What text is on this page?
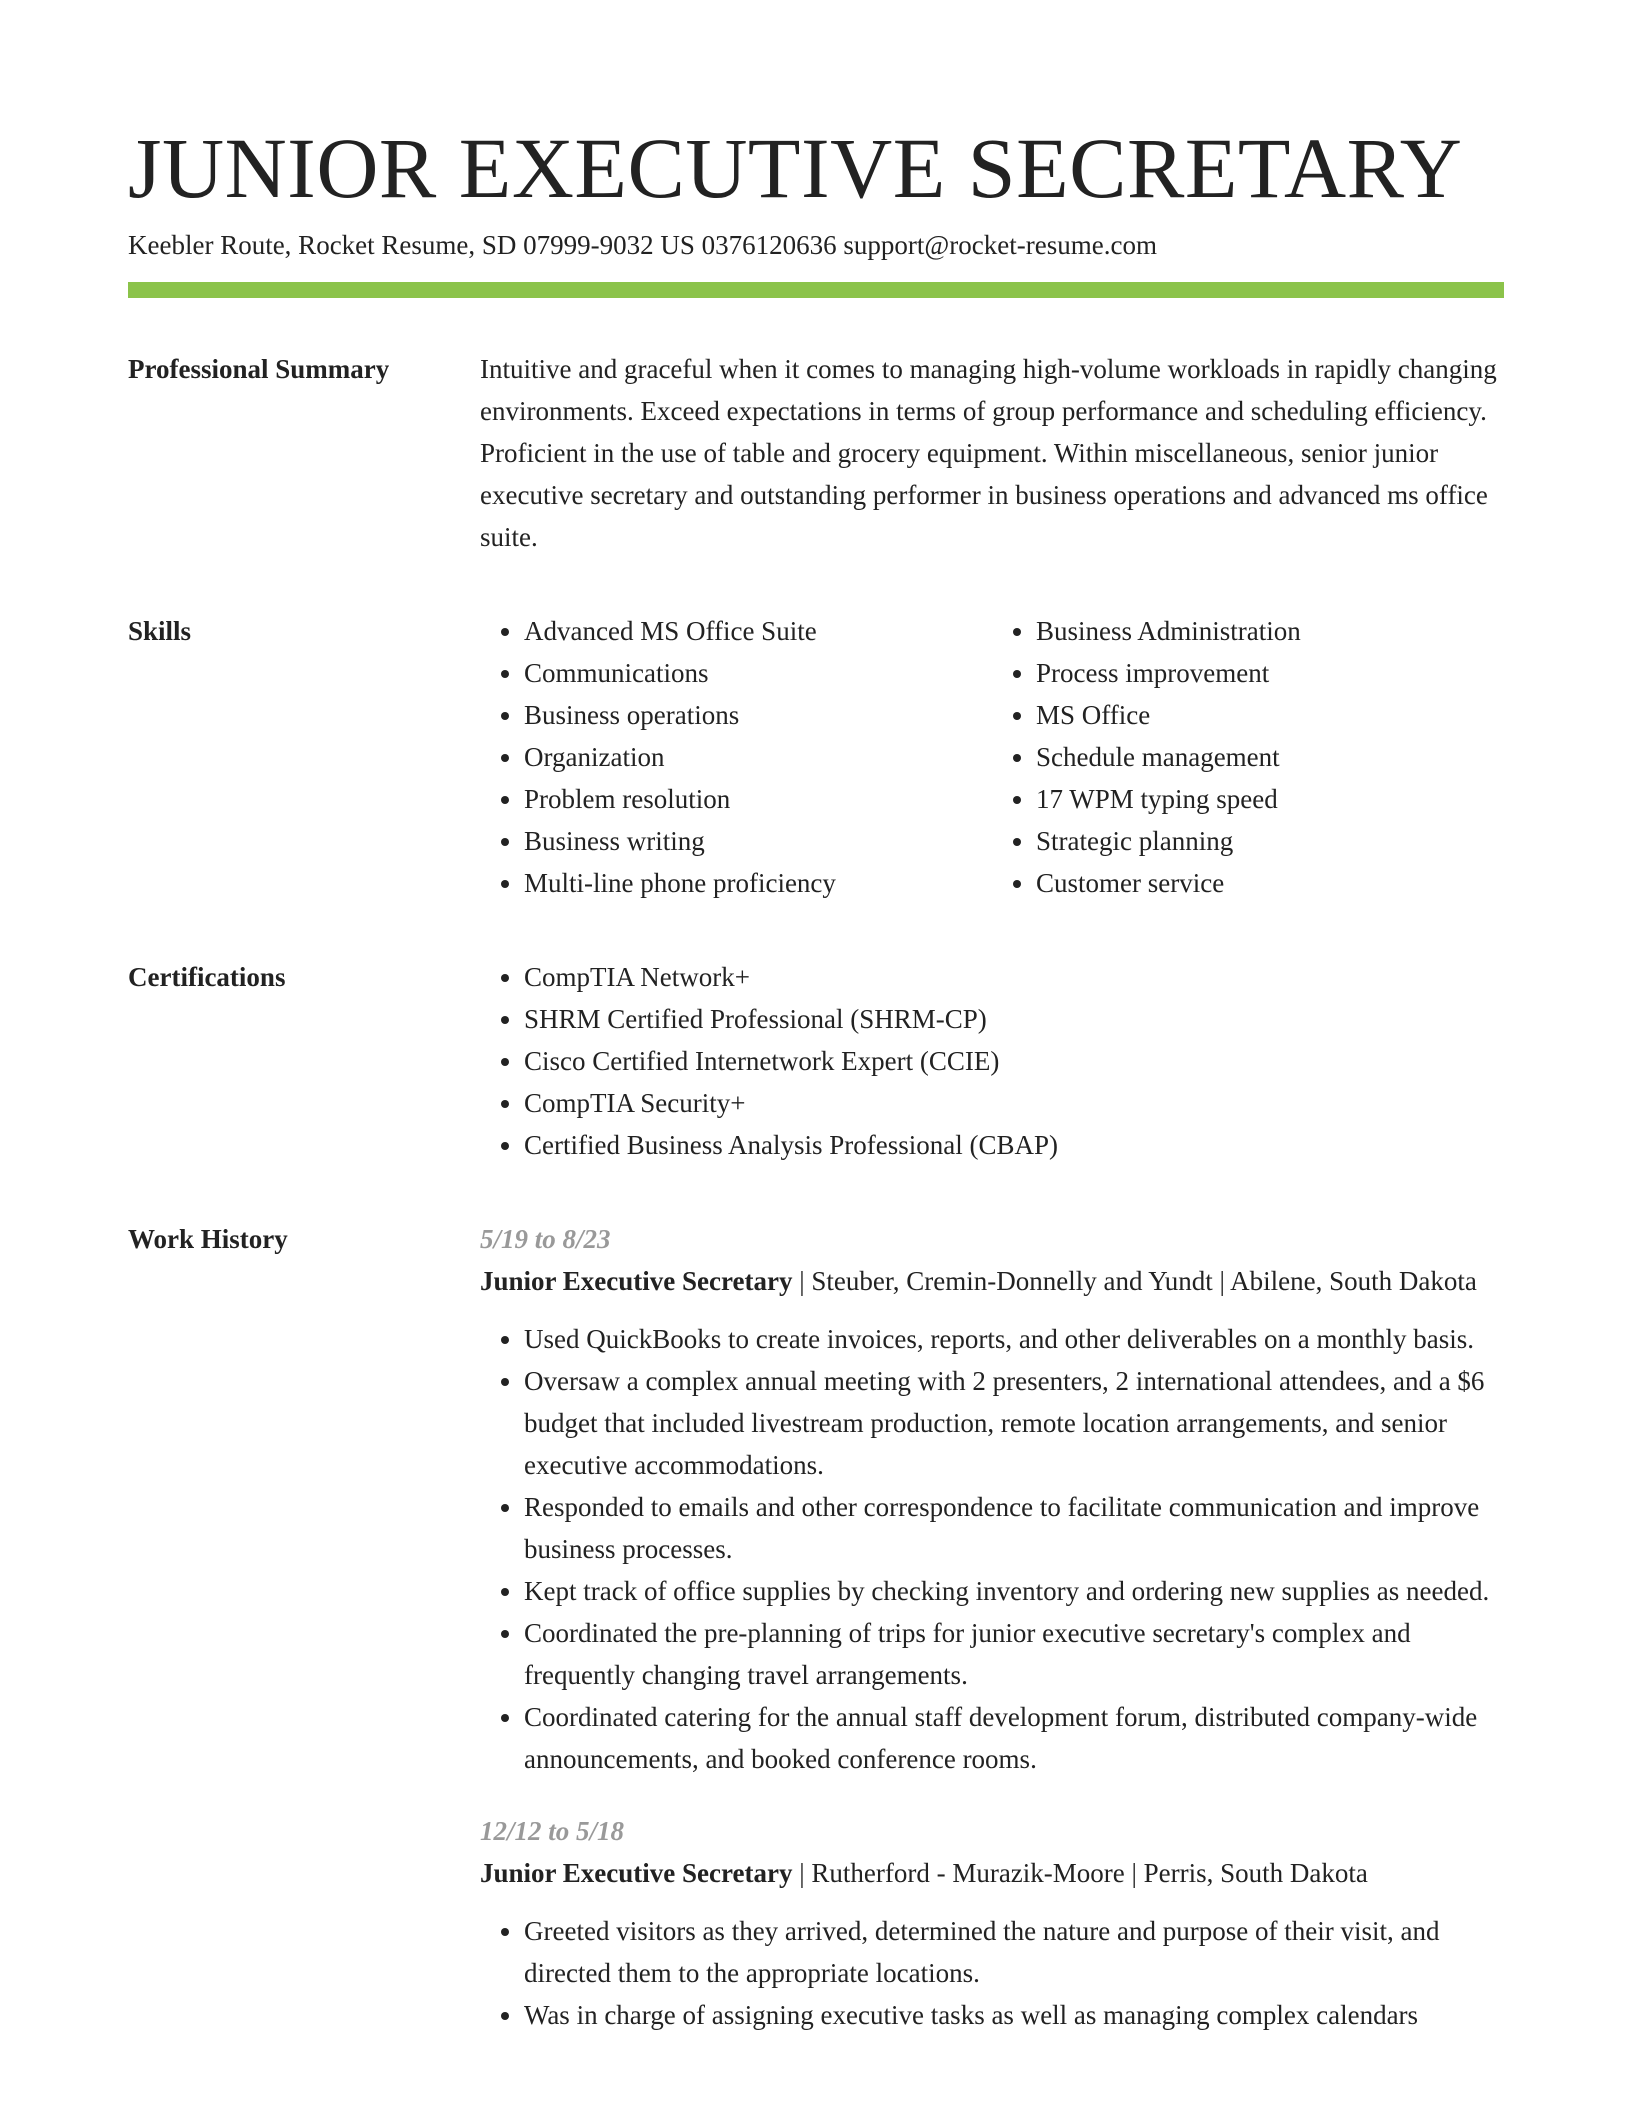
JUNIOR EXECUTIVE SECRETARY
Keebler Route, Rocket Resume, SD 07999-9032 US 0376120636 support@rocket-resume.com
Professional Summary	Intuitive and graceful when it comes to managing high-volume workloads in rapidly changing environments. Exceed expectations in terms of group performance and scheduling efficiency. Proficient in the use of table and grocery equipment. Within miscellaneous, senior junior executive secretary and outstanding performer in business operations and advanced ms office suite.

Skills	• Advanced MS Office Suite
• Communications
• Business operations
• Organization
• Problem resolution
• Business writing
• Multi-line phone proficiency
• Business Administration
• Process improvement
• MS Office
• Schedule management
• 17 WPM typing speed
• Strategic planning
• Customer service
Certifications	• CompTIA Network+
• SHRM Certified Professional (SHRM-CP)
• Cisco Certified Internetwork Expert (CCIE)
• CompTIA Security+
• Certified Business Analysis Professional (CBAP)
Work History	5/19 to 8/23
Junior Executive Secretary | Steuber, Cremin-Donnelly and Yundt | Abilene, South Dakota
• Used QuickBooks to create invoices, reports, and other deliverables on a monthly basis.
• Oversaw a complex annual meeting with 2 presenters, 2 international attendees, and a $6 budget that included livestream production, remote location arrangements, and senior executive accommodations.
• Responded to emails and other correspondence to facilitate communication and improve business processes.
• Kept track of office supplies by checking inventory and ordering new supplies as needed.
• Coordinated the pre-planning of trips for junior executive secretary's complex and frequently changing travel arrangements.
• Coordinated catering for the annual staff development forum, distributed company-wide announcements, and booked conference rooms.
12/12 to 5/18
Junior Executive Secretary | Rutherford - Murazik-Moore | Perris, South Dakota
• Greeted visitors as they arrived, determined the nature and purpose of their visit, and directed them to the appropriate locations.
• Was in charge of assigning executive tasks as well as managing complex calendars
